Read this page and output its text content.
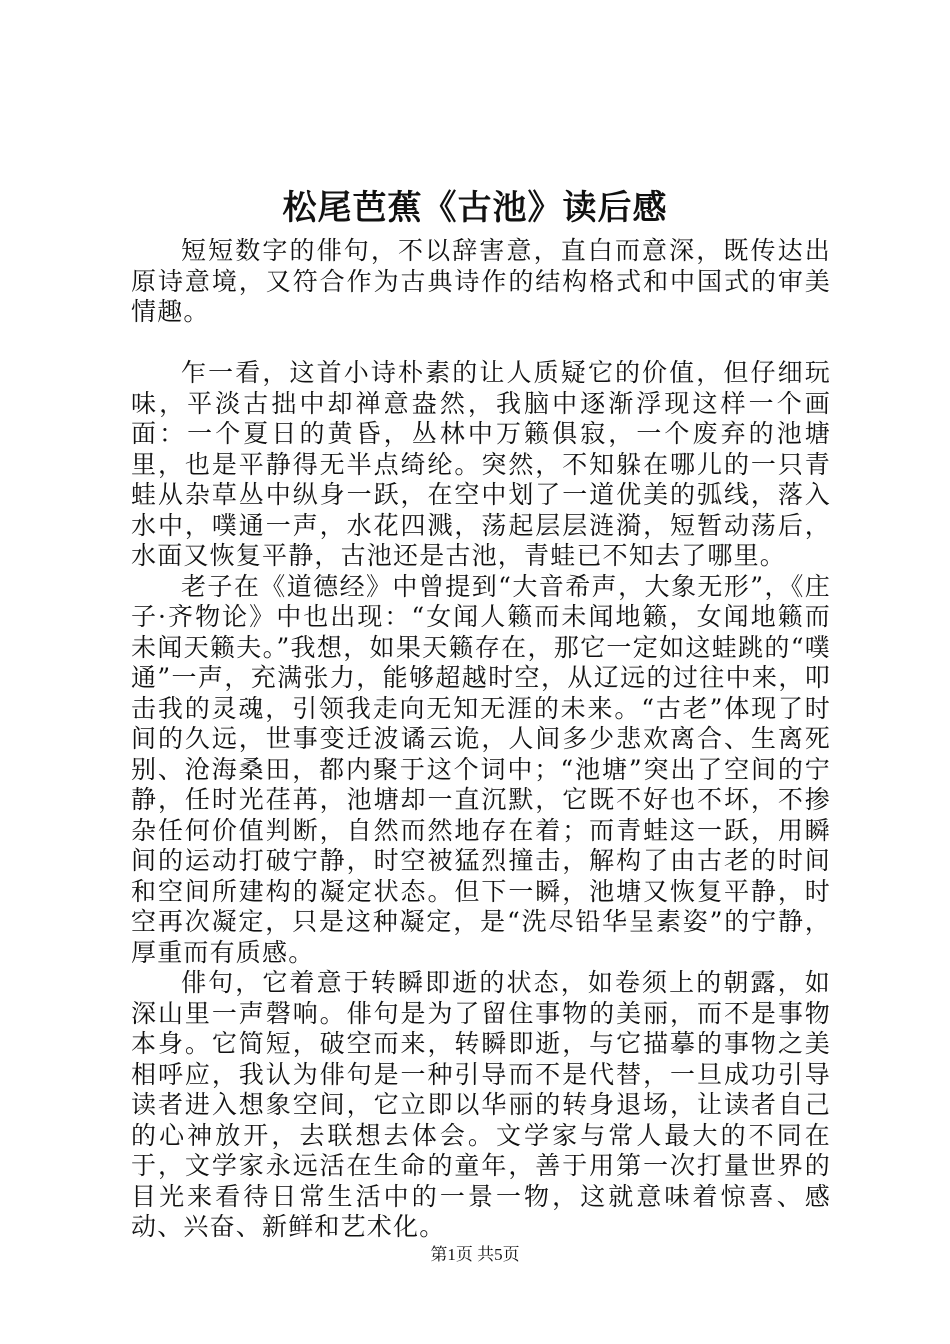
松尾芭蕉《古池》读后感

短短数字的俳句，不以辞害意，直白而意深，既传达出原诗意境，又符合作为古典诗作的结构格式和中国式的审美情趣。

乍一看，这首小诗朴素的让人质疑它的价值，但仔细玩味，平淡古拙中却禅意盎然，我脑中逐渐浮现这样一个画面：一个夏日的黄昏，丛林中万籁俱寂，一个废弃的池塘里，也是平静得无半点绮纶。突然，不知躲在哪儿的一只青蛙从杂草丛中纵身一跃，在空中划了一道优美的弧线，落入水中，噗通一声，水花四溅，荡起层层涟漪，短暂动荡后，水面又恢复平静，古池还是古池，青蛙已不知去了哪里。

老子在《道德经》中曾提到“大音希声，大象无形”，《庄子·齐物论》中也出现：“女闻人籁而未闻地籁，女闻地籁而未闻天籁夫。”我想，如果天籁存在，那它一定如这蛙跳的“噗通”一声，充满张力，能够超越时空，从辽远的过往中来，叩击我的灵魂，引领我走向无知无涯的未来。“古老”体现了时间的久远，世事变迁波谲云诡，人间多少悲欢离合、生离死别、沧海桑田，都内聚于这个词中；“池塘”突出了空间的宁静，任时光荏苒，池塘却一直沉默，它既不好也不坏，不掺杂任何价值判断，自然而然地存在着；而青蛙这一跃，用瞬间的运动打破宁静，时空被猛烈撞击，解构了由古老的时间和空间所建构的凝定状态。但下一瞬，池塘又恢复平静，时空再次凝定，只是这种凝定，是“洗尽铅华呈素姿”的宁静，厚重而有质感。

俳句，它着意于转瞬即逝的状态，如卷须上的朝露，如深山里一声磬响。俳句是为了留住事物的美丽，而不是事物本身。它简短，破空而来，转瞬即逝，与它描摹的事物之美相呼应，我认为俳句是一种引导而不是代替，一旦成功引导读者进入想象空间，它立即以华丽的转身退场，让读者自己的心神放开，去联想去体会。文学家与常人最大的不同在于，文学家永远活在生命的童年，善于用第一次打量世界的目光来看待日常生活中的一景一物，这就意味着惊喜、感动、兴奋、新鲜和艺术化。

第1页 共5页
